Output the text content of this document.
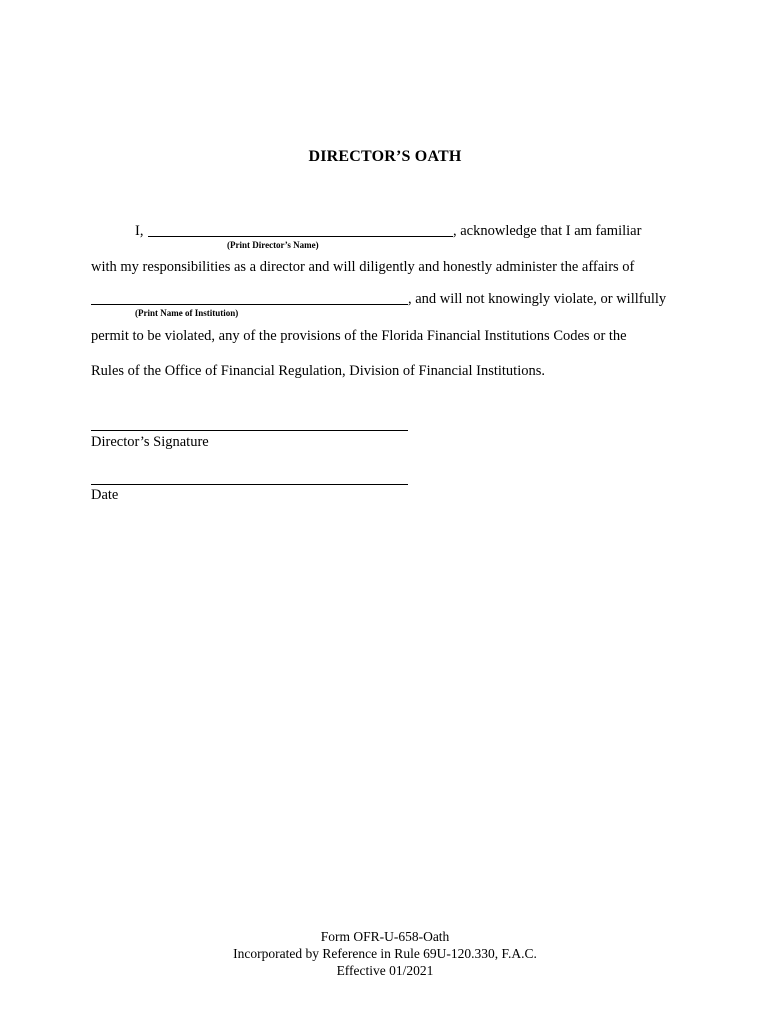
DIRECTOR’S OATH
I,	, acknowledge that I am familiar
(Print Director’s Name)
with my responsibilities as a director and will diligently and honestly administer the affairs of
, and will not knowingly violate, or willfully
(Print Name of Institution)
permit to be violated, any of the provisions of the Florida Financial Institutions Codes or the
Rules of the Office of Financial Regulation, Division of Financial Institutions.
Director’s Signature
Date
Form OFR-U-658-Oath
Incorporated by Reference in Rule 69U-120.330, F.A.C.
Effective 01/2021
